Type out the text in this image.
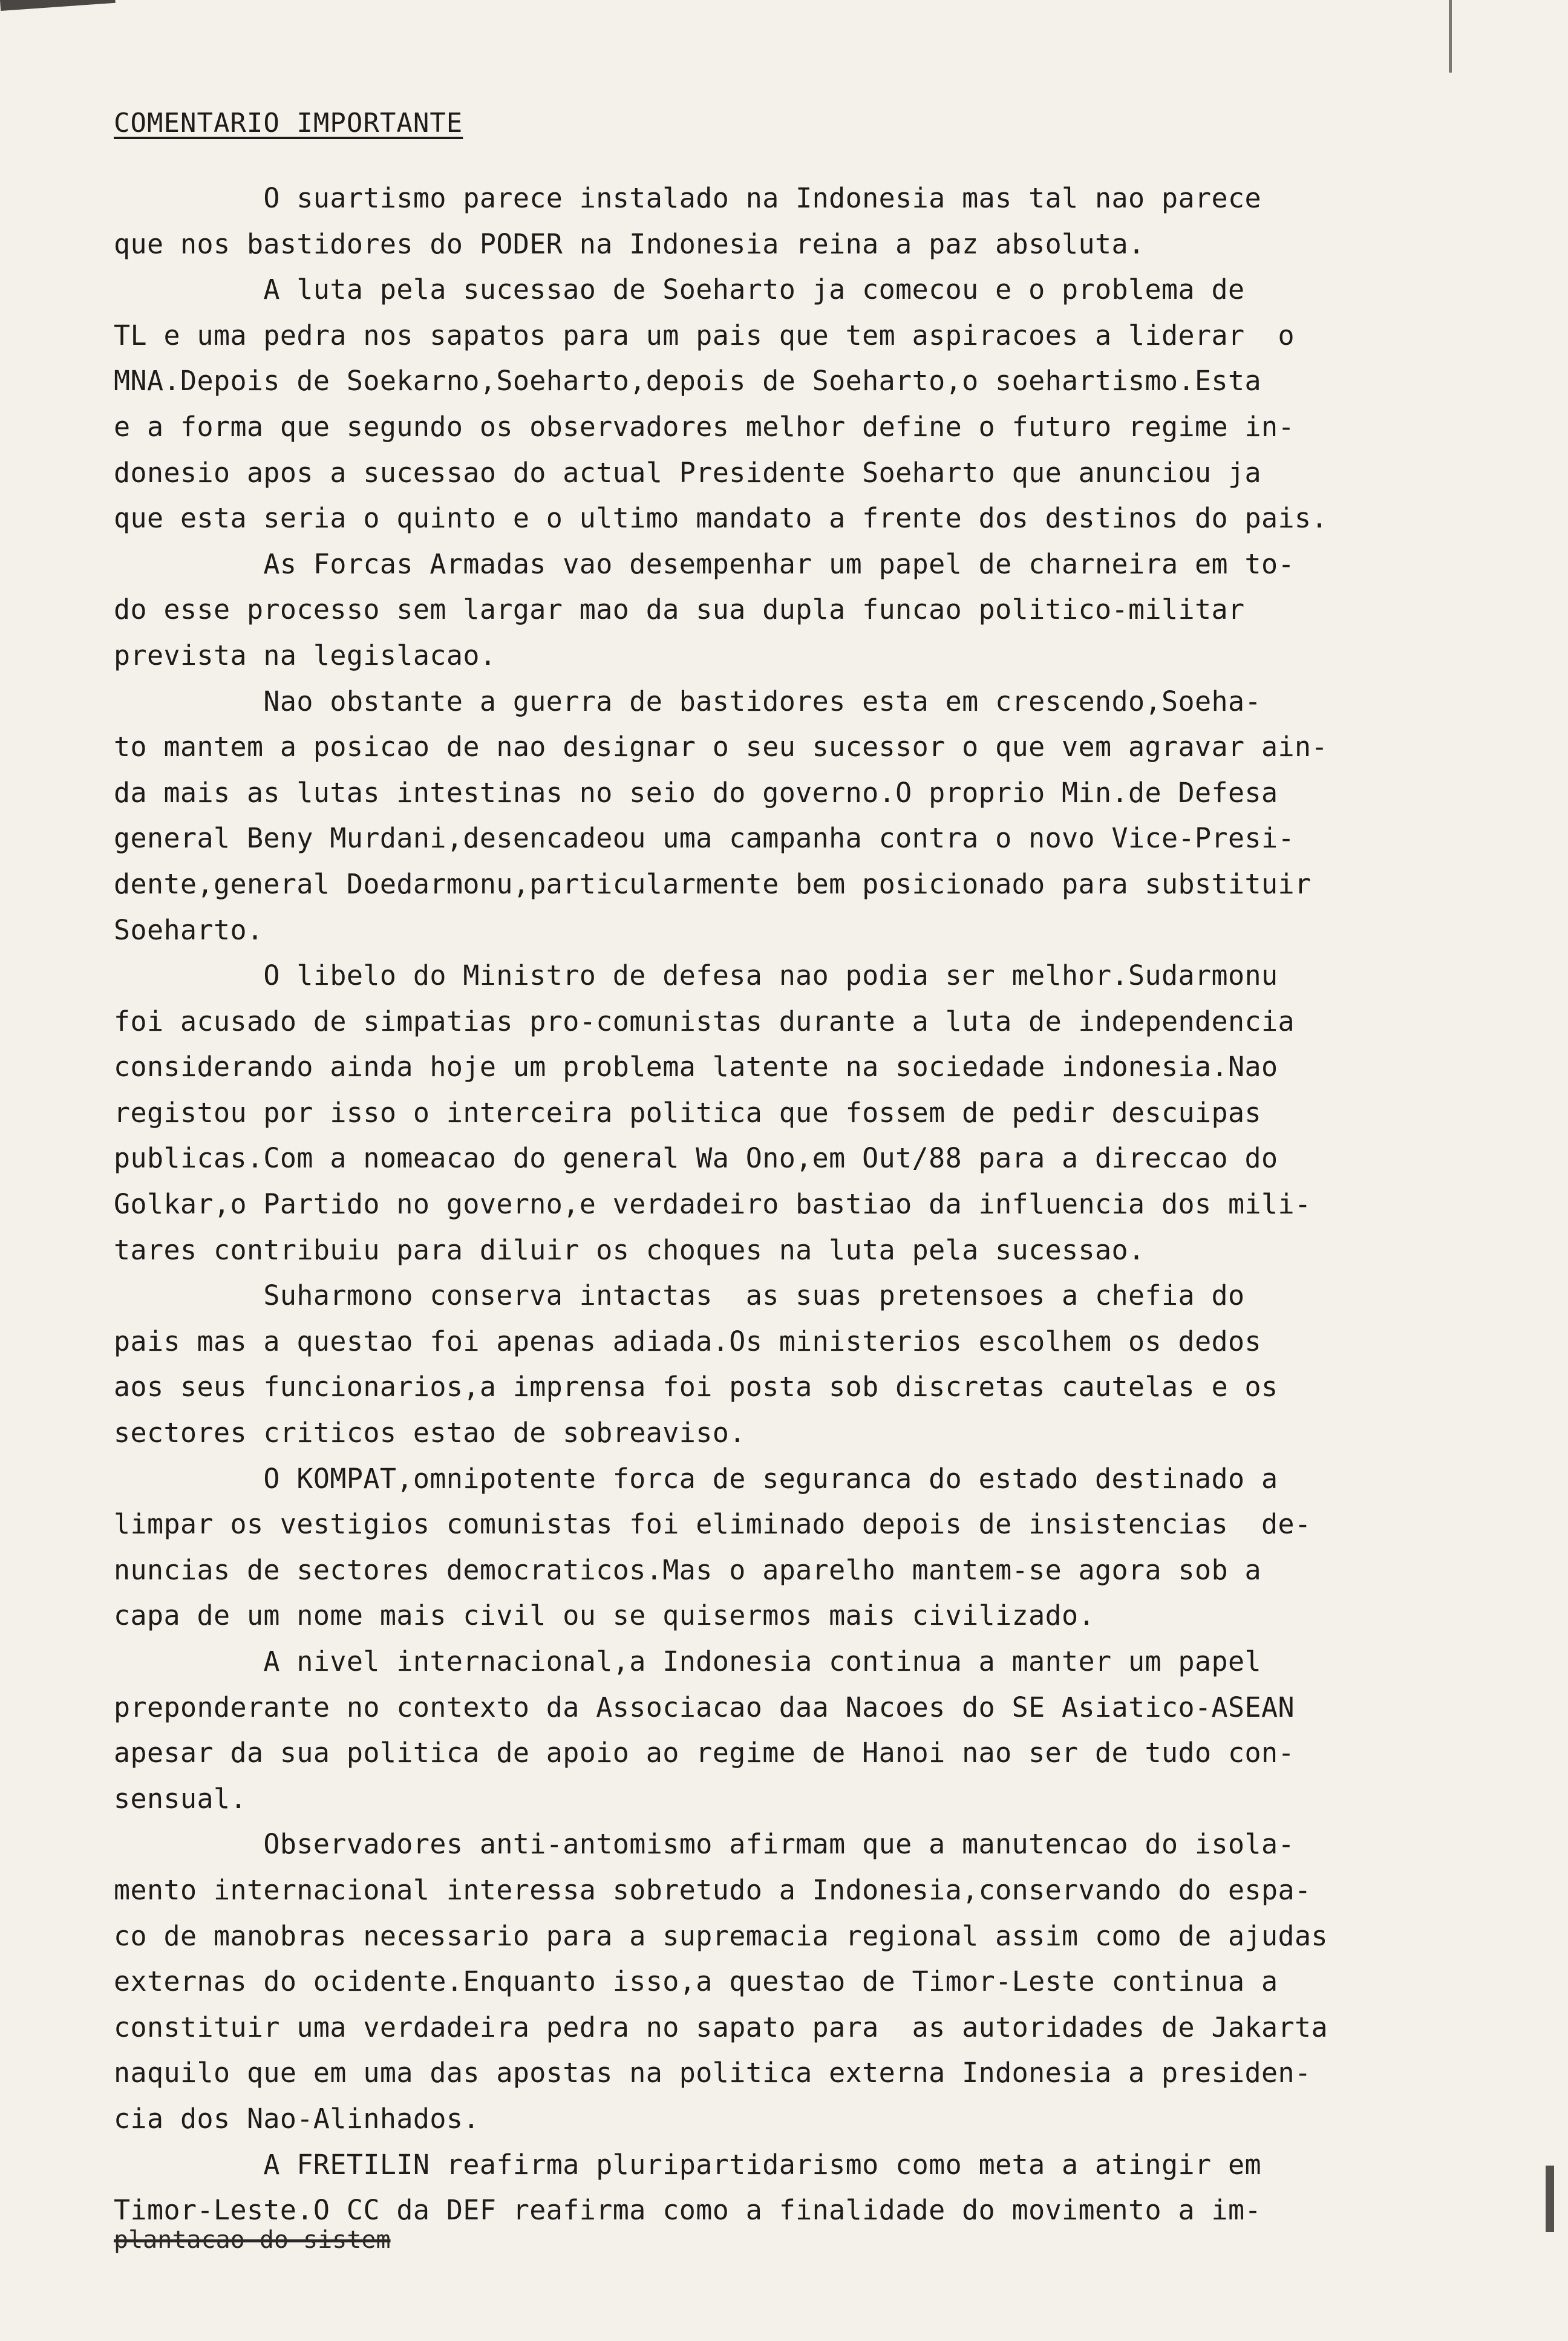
COMENTARIO IMPORTANTE
O suartismo parece instalado na Indonesia mas tal nao parece
que nos bastidores do PODER na Indonesia reina a paz absoluta.
A luta pela sucessao de Soeharto ja comecou e o problema de
TL e uma pedra nos sapatos para um pais que tem aspiracoes a liderar  o
MNA.Depois de Soekarno,Soeharto,depois de Soeharto,o soehartismo.Esta
e a forma que segundo os observadores melhor define o futuro regime in-
donesio apos a sucessao do actual Presidente Soeharto que anunciou ja
que esta seria o quinto e o ultimo mandato a frente dos destinos do pais.
As Forcas Armadas vao desempenhar um papel de charneira em to-
do esse processo sem largar mao da sua dupla funcao politico-militar
prevista na legislacao.
Nao obstante a guerra de bastidores esta em crescendo,Soeha-
to mantem a posicao de nao designar o seu sucessor o que vem agravar ain-
da mais as lutas intestinas no seio do governo.O proprio Min.de Defesa
general Beny Murdani,desencadeou uma campanha contra o novo Vice-Presi-
dente,general Doedarmonu,particularmente bem posicionado para substituir
Soeharto.
O libelo do Ministro de defesa nao podia ser melhor.Sudarmonu
foi acusado de simpatias pro-comunistas durante a luta de independencia
considerando ainda hoje um problema latente na sociedade indonesia.Nao
registou por isso o interceira politica que fossem de pedir descuipas
publicas.Com a nomeacao do general Wa Ono,em Out/88 para a direccao do
Golkar,o Partido no governo,e verdadeiro bastiao da influencia dos mili-
tares contribuiu para diluir os choques na luta pela sucessao.
Suharmono conserva intactas  as suas pretensoes a chefia do
pais mas a questao foi apenas adiada.Os ministerios escolhem os dedos
aos seus funcionarios,a imprensa foi posta sob discretas cautelas e os
sectores criticos estao de sobreaviso.
O KOMPAT,omnipotente forca de seguranca do estado destinado a
limpar os vestigios comunistas foi eliminado depois de insistencias  de-
nuncias de sectores democraticos.Mas o aparelho mantem-se agora sob a
capa de um nome mais civil ou se quisermos mais civilizado.
A nivel internacional,a Indonesia continua a manter um papel
preponderante no contexto da Associacao daa Nacoes do SE Asiatico-ASEAN
apesar da sua politica de apoio ao regime de Hanoi nao ser de tudo con-
sensual.
Observadores anti-antomismo afirmam que a manutencao do isola-
mento internacional interessa sobretudo a Indonesia,conservando do espa-
co de manobras necessario para a supremacia regional assim como de ajudas
externas do ocidente.Enquanto isso,a questao de Timor-Leste continua a
constituir uma verdadeira pedra no sapato para  as autoridades de Jakarta
naquilo que em uma das apostas na politica externa Indonesia a presiden-
cia dos Nao-Alinhados.
A FRETILIN reafirma pluripartidarismo como meta a atingir em
Timor-Leste.O CC da DEF reafirma como a finalidade do movimento a im-
plantacao do sistem
